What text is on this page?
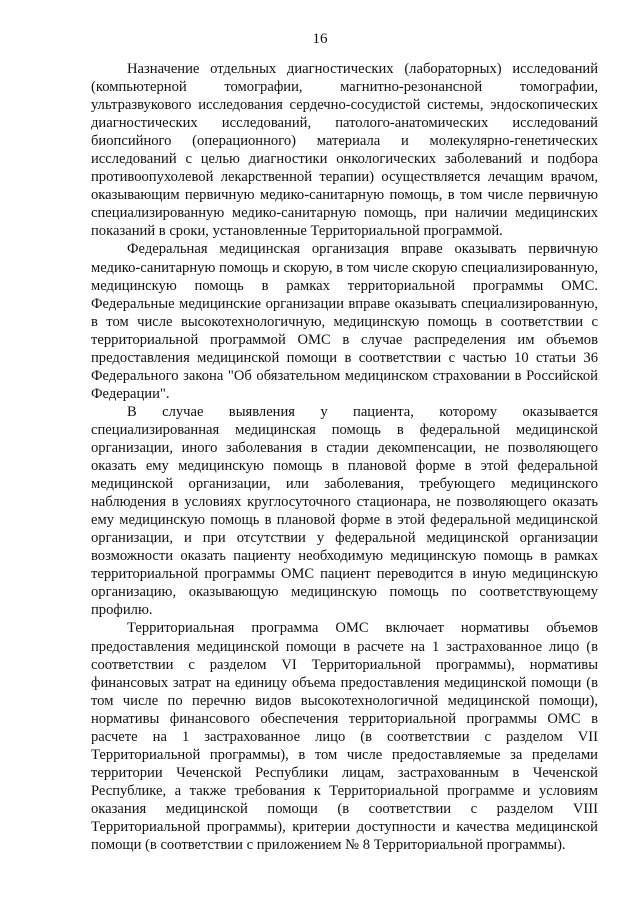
16

Назначение отдельных диагностических (лабораторных) исследований (компьютерной томографии, магнитно-резонансной томографии, ультразвукового исследования сердечно-сосудистой системы, эндоскопических диагностических исследований, патолого-анатомических исследований биопсийного (операционного) материала и молекулярно-генетических исследований с целью диагностики онкологических заболеваний и подбора противоопухолевой лекарственной терапии) осуществляется лечащим врачом, оказывающим первичную медико-санитарную помощь, в том числе первичную специализированную медико-санитарную помощь, при наличии медицинских показаний в сроки, установленные Территориальной программой.

Федеральная медицинская организация вправе оказывать первичную медико-санитарную помощь и скорую, в том числе скорую специализированную, медицинскую помощь в рамках территориальной программы ОМС. Федеральные медицинские организации вправе оказывать специализированную, в том числе высокотехнологичную, медицинскую помощь в соответствии с территориальной программой ОМС в случае распределения им объемов предоставления медицинской помощи в соответствии с частью 10 статьи 36 Федерального закона "Об обязательном медицинском страховании в Российской Федерации".

В случае выявления у пациента, которому оказывается специализированная медицинская помощь в федеральной медицинской организации, иного заболевания в стадии декомпенсации, не позволяющего оказать ему медицинскую помощь в плановой форме в этой федеральной медицинской организации, или заболевания, требующего медицинского наблюдения в условиях круглосуточного стационара, не позволяющего оказать ему медицинскую помощь в плановой форме в этой федеральной медицинской организации, и при отсутствии у федеральной медицинской организации возможности оказать пациенту необходимую медицинскую помощь в рамках территориальной программы ОМС пациент переводится в иную медицинскую организацию, оказывающую медицинскую помощь по соответствующему профилю.

Территориальная программа ОМС включает нормативы объемов предоставления медицинской помощи в расчете на 1 застрахованное лицо (в соответствии с разделом VI Территориальной программы), нормативы финансовых затрат на единицу объема предоставления медицинской помощи (в том числе по перечню видов высокотехнологичной медицинской помощи), нормативы финансового обеспечения территориальной программы ОМС в расчете на 1 застрахованное лицо (в соответствии с разделом VII Территориальной программы), в том числе предоставляемые за пределами территории Чеченской Республики лицам, застрахованным в Чеченской Республике, а также требования к Территориальной программе и условиям оказания медицинской помощи (в соответствии с разделом VIII Территориальной программы), критерии доступности и качества медицинской помощи (в соответствии с приложением № 8 Территориальной программы).
